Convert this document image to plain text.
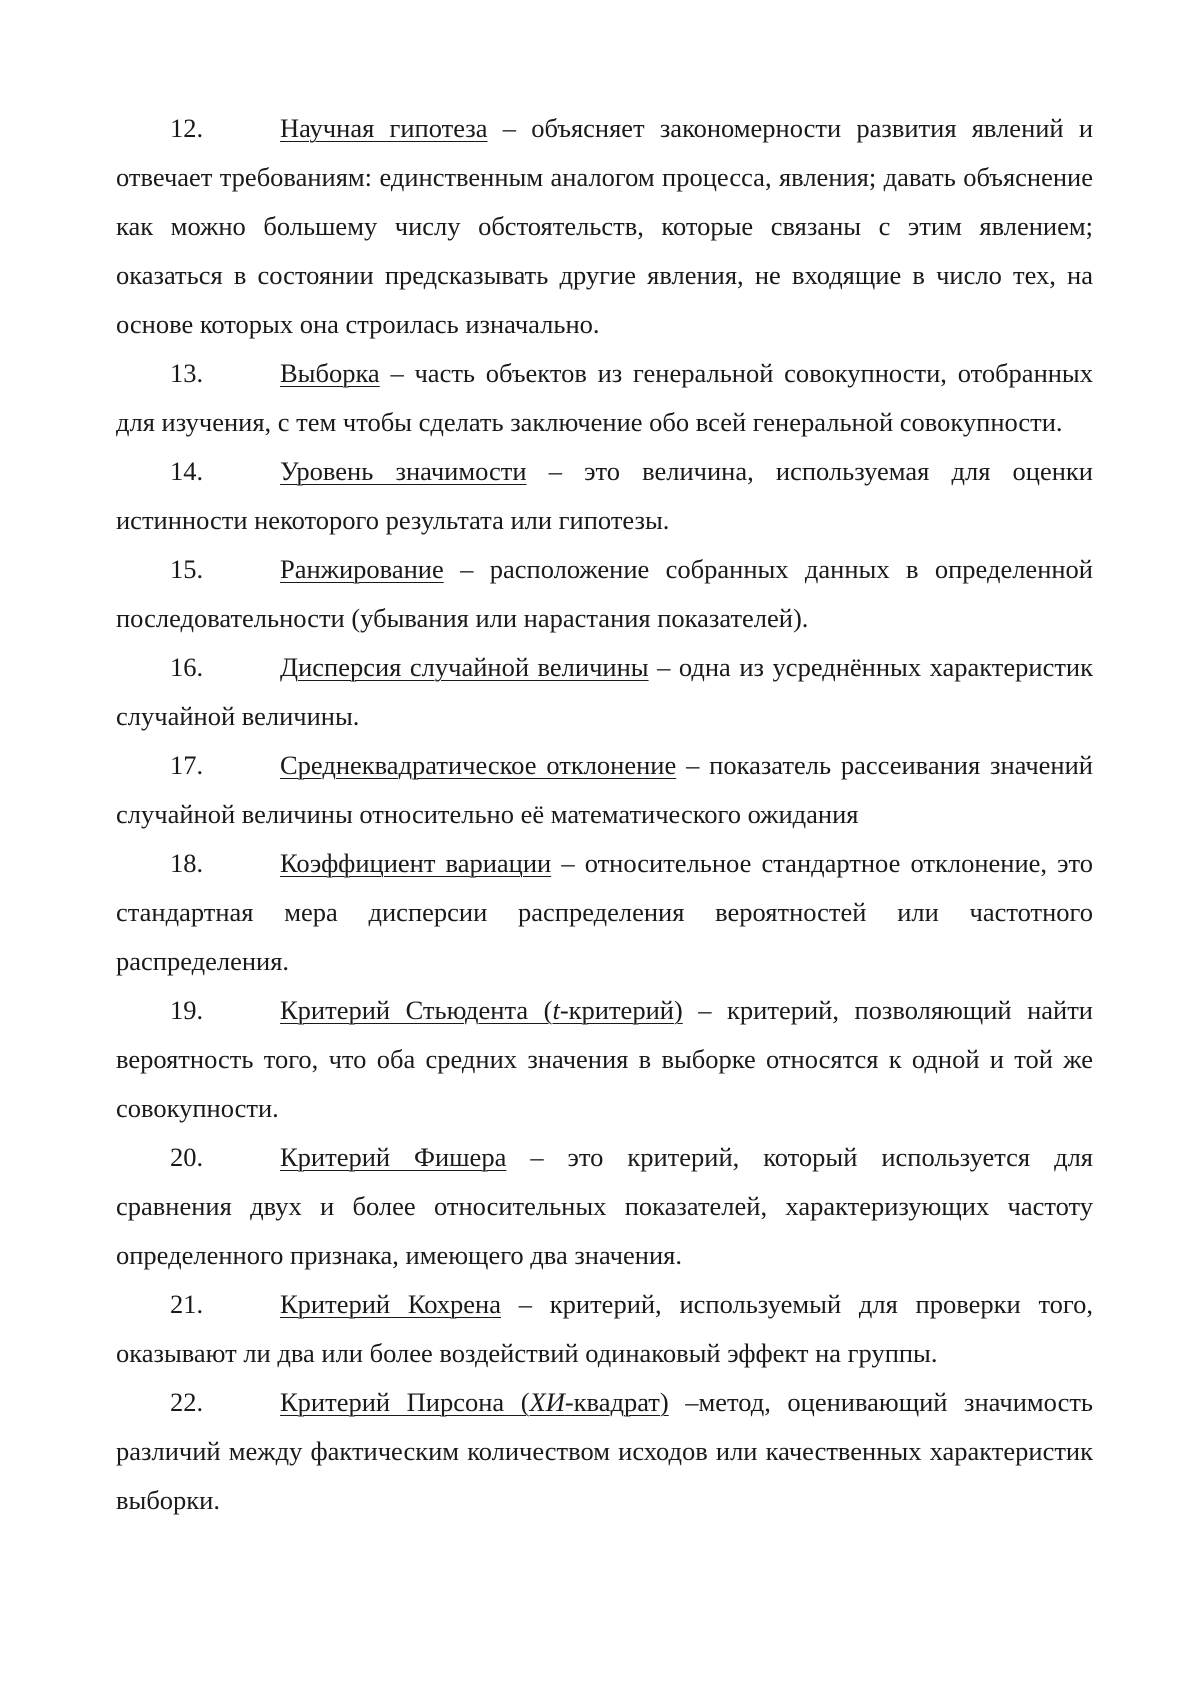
12.	Научная гипотеза – объясняет закономерности развития явлений и отвечает требованиям: единственным аналогом процесса, явления; давать объяснение как можно большему числу обстоятельств, которые связаны с этим явлением; оказаться в состоянии предсказывать другие явления, не входящие в число тех, на основе которых она строилась изначально.

13.	Выборка – часть объектов из генеральной совокупности, отобранных для изучения, с тем чтобы сделать заключение обо всей генеральной совокупности.

14.	Уровень значимости – это величина, используемая для оценки истинности некоторого результата или гипотезы.

15.	Ранжирование – расположение собранных данных в определенной последовательности (убывания или нарастания показателей).

16.	Дисперсия случайной величины – одна из усреднённых характеристик случайной величины.

17.	Среднеквадратическое отклонение – показатель рассеивания значений случайной величины относительно её математического ожидания

18.	Коэффициент вариации – относительное стандартное отклонение, это стандартная мера дисперсии распределения вероятностей или частотного распределения.

19.	Критерий Стьюдента (t-критерий) – критерий, позволяющий найти вероятность того, что оба средних значения в выборке относятся к одной и той же совокупности.

20.	Критерий Фишера – это критерий, который используется для сравнения двух и более относительных показателей, характеризующих частоту определенного признака, имеющего два значения.

21.	Критерий Кохрена – критерий, используемый для проверки того, оказывают ли два или более воздействий одинаковый эффект на группы.

22.	Критерий Пирсона (ХИ-квадрат) –метод, оценивающий значимость различий между фактическим количеством исходов или качественных характеристик выборки.
